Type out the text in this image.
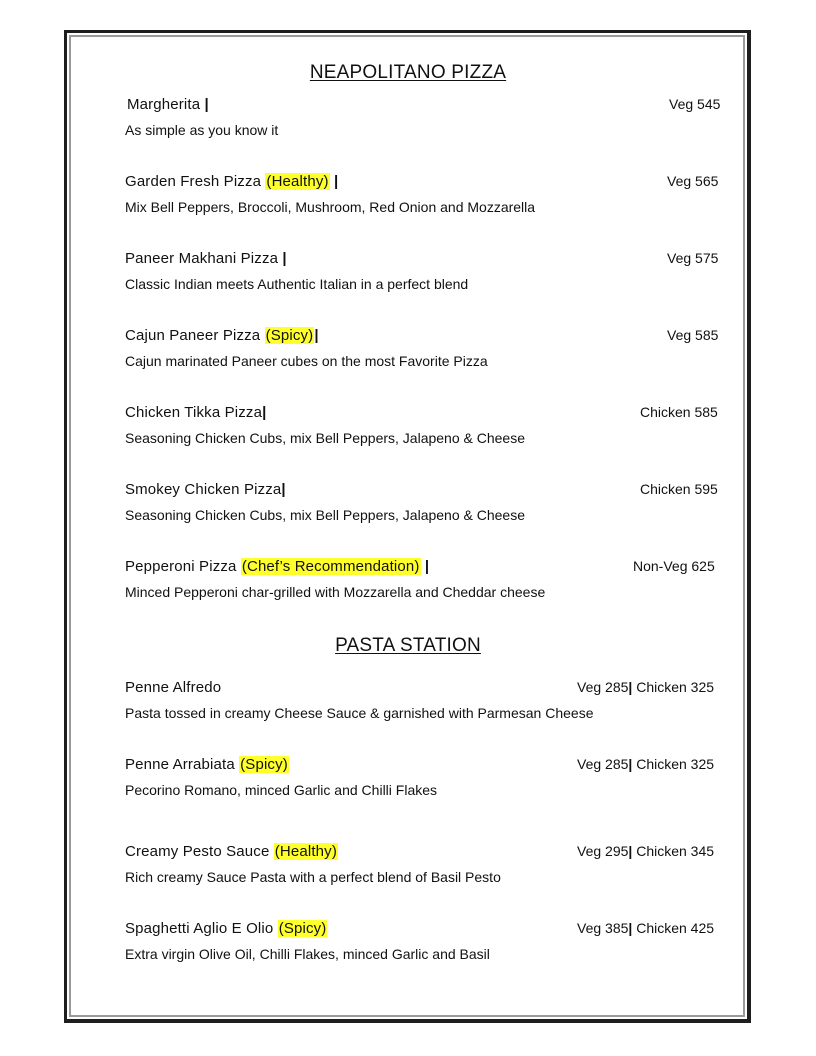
NEAPOLITANO PIZZA
Margherita |	Veg 545
As simple as you know it
Garden Fresh Pizza (Healthy) |	Veg 565
Mix Bell Peppers, Broccoli, Mushroom, Red Onion and Mozzarella
Paneer Makhani Pizza |	Veg 575
Classic Indian meets Authentic Italian in a perfect blend
Cajun Paneer Pizza (Spicy)|	Veg 585
Cajun marinated Paneer cubes on the most Favorite Pizza
Chicken Tikka Pizza|	Chicken 585
Seasoning Chicken Cubs, mix Bell Peppers, Jalapeno & Cheese
Smokey Chicken Pizza|	Chicken 595
Seasoning Chicken Cubs, mix Bell Peppers, Jalapeno & Cheese
Pepperoni Pizza (Chef’s Recommendation) |	Non-Veg 625
Minced Pepperoni char-grilled with Mozzarella and Cheddar cheese
PASTA STATION
Penne Alfredo	Veg 285| Chicken 325
Pasta tossed in creamy Cheese Sauce & garnished with Parmesan Cheese
Penne Arrabiata (Spicy)	Veg 285| Chicken 325
Pecorino Romano, minced Garlic and Chilli Flakes
Creamy Pesto Sauce (Healthy)	Veg 295| Chicken 345
Rich creamy Sauce Pasta with a perfect blend of Basil Pesto
Spaghetti Aglio E Olio (Spicy)	Veg 385| Chicken 425
Extra virgin Olive Oil, Chilli Flakes, minced Garlic and Basil
